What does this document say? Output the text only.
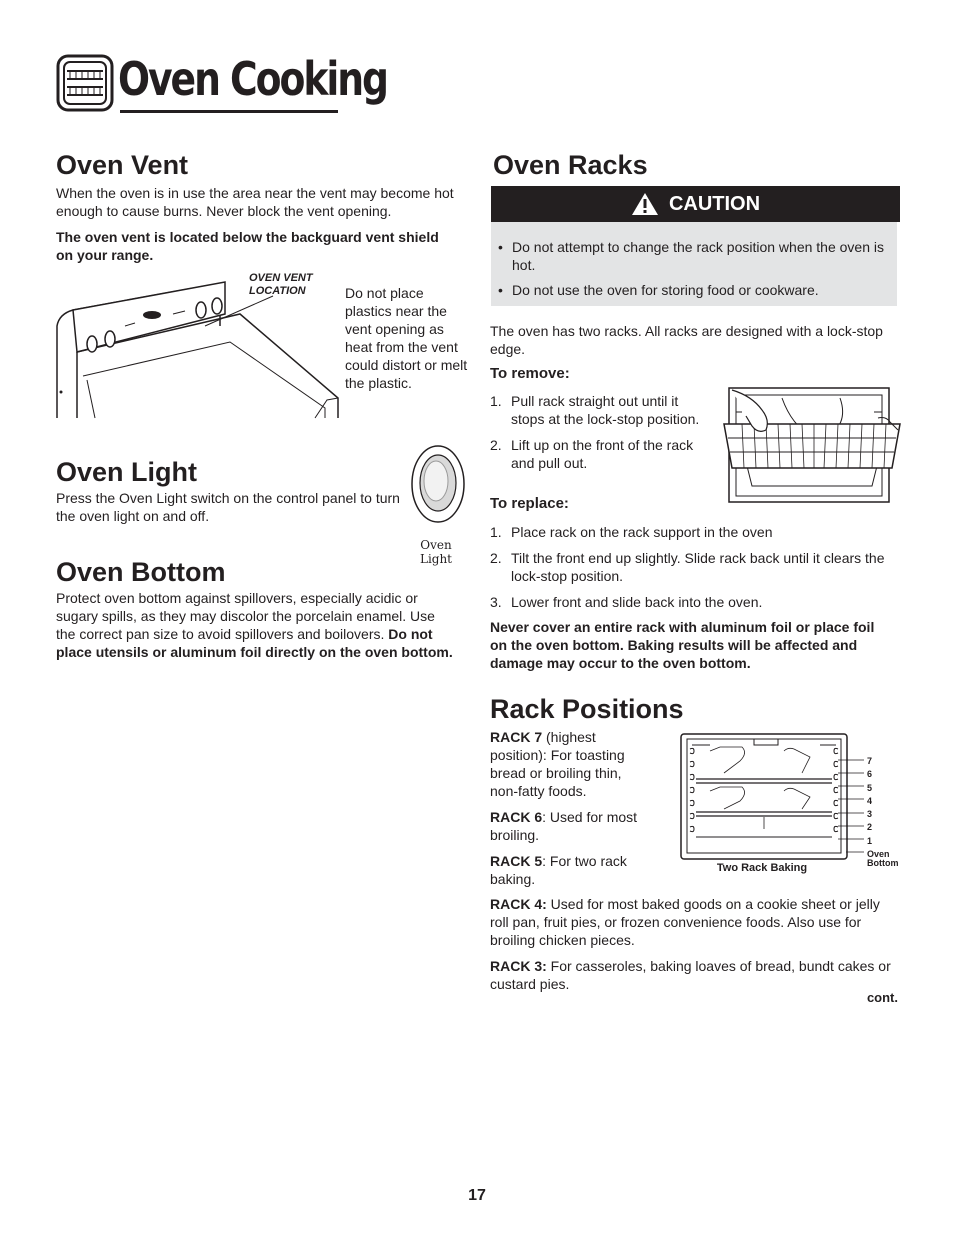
Oven Cooking
Oven Vent

When the oven is in use the area near the vent may become hot enough to cause burns. Never block the vent opening.

The oven vent is located below the backguard vent shield on your range.

OVEN VENT LOCATION	Do not place plastics near the vent opening as heat from the vent could distort or melt the plastic.

Oven Light

Press the Oven Light switch on the control panel to turn the oven light on and off.

Oven
Light
Oven Bottom

Protect oven bottom against spillovers, especially acidic or sugary spills, as they may discolor the porcelain enamel. Use the correct pan size to avoid spillovers and boilovers. Do not place utensils or aluminum foil directly on the oven bottom.

Oven Racks
CAUTION
• Do not attempt to change the rack position when the oven is hot.
• Do not use the oven for storing food or cookware.

The oven has two racks. All racks are designed with a lock-stop edge.

To remove:
1. Pull rack straight out until it stops at the lock-stop position.
2. Lift up on the front of the rack and pull out.
To replace:
1. Place rack on the rack support in the oven
2. Tilt the front end up slightly. Slide rack back until it clears the lock-stop position.
3. Lower front and slide back into the oven.

Never cover an entire rack with aluminum foil or place foil on the oven bottom. Baking results will be affected and damage may occur to the oven bottom.

Rack Positions

RACK 7 (highest position): For toasting bread or broiling thin, non-fatty foods.

RACK 6: Used for most broiling.

RACK 5: For two rack baking.

7
6
5
4
3
2
1
Oven
Bottom
Two Rack Baking

RACK 4: Used for most baked goods on a cookie sheet or jelly roll pan, fruit pies, or frozen convenience foods. Also use for broiling chicken pieces.

RACK 3: For casseroles, baking loaves of bread, bundt cakes or custard pies.

cont.
17
